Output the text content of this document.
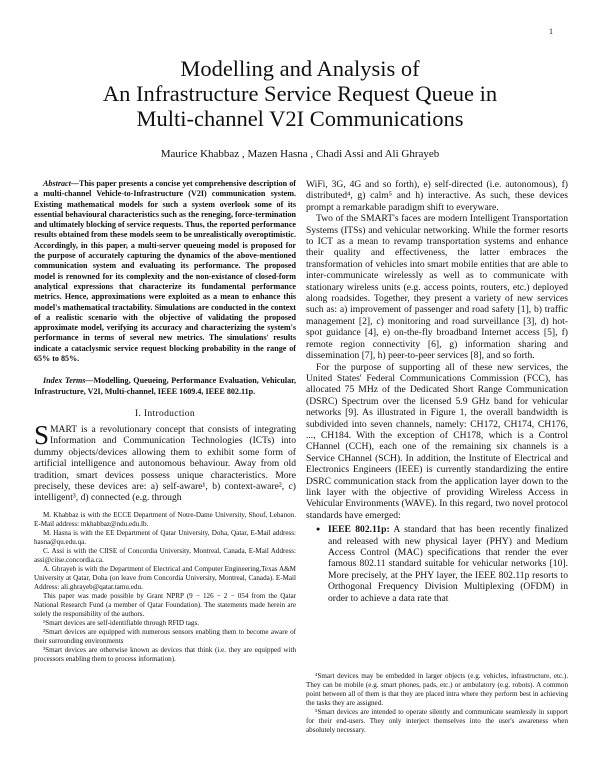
1
Modelling and Analysis of
An Infrastructure Service Request Queue in
Multi-channel V2I Communications
Maurice Khabbaz , Mazen Hasna , Chadi Assi and Ali Ghrayeb

Abstract—This paper presents a concise yet comprehensive description of a multi-channel Vehicle-to-Infrastructure (V2I) communication system. Existing mathematical models for such a system overlook some of its essential behavioural characteristics such as the reneging, force-termination and ultimately blocking of service requests. Thus, the reported performance results obtained from these models seem to be unrealistically overoptimistic. Accordingly, in this paper, a multi-server queueing model is proposed for the purpose of accurately capturing the dynamics of the above-mentioned communication system and evaluating its performance. The proposed model is renowned for its complexity and the non-existance of closed-form analytical expressions that characterize its fundamental performance metrics. Hence, approximations were exploited as a mean to enhance this model's mathematical tractability. Simulations are conducted in the context of a realistic scenario with the objective of validating the proposed approximate model, verifying its accuracy and characterizing the system's performance in terms of several new metrics. The simulations' results indicate a cataclysmic service request blocking probability in the range of 65% to 85%.

Index Terms—Modelling, Queueing, Performance Evaluation, Vehicular, Infrastructure, V2I, Multi-channel, IEEE 1609.4, IEEE 802.11p.

I. Introduction

SMART is a revolutionary concept that consists of integrating Information and Communication Technologies (ICTs) into dummy objects/devices allowing them to exhibit some form of artificial intelligence and autonomous behaviour. Away from old tradition, smart devices possess unique characteristics. More precisely, these devices are: a) self-aware¹, b) context-aware², c) intelligent³, d) connected (e.g. through

M. Khabbaz is with the ECCE Department of Notre-Dame University, Shouf, Lebanon. E-Mail address: mkhabbaz@ndu.edu.lb.

M. Hasna is with the EE Department of Qatar University, Doha, Qatar, E-Mail address: hasna@qu.edu.qa.

C. Assi is with the CIISE of Concordia University, Montreal, Canada, E-Mail Address: assi@ciise.concordia.ca.

A. Ghrayeb is with the Department of Electrical and Computer Engineering,Texas A&M University at Qatar, Doha (on leave from Concordia University, Montreal, Canada). E-Mail Address: ali.ghrayeb@qatar.tamu.edu.

This paper was made possible by Grant NPRP (9 − 126 − 2 − 054 from the Qatar National Research Fund (a member of Qatar Foundation). The statements made herein are solely the responsibility of the authors.

¹Smart devices are self-identifiable through RFID tags.

²Smart devices are equipped with numerous sensors enabling them to become aware of their surrounding environments

³Smart devices are otherwise known as devices that think (i.e. they are equipped with processors enabling them to process information).

WiFi, 3G, 4G and so forth), e) self-directed (i.e. autonomous), f) distributed⁴, g) calm⁵ and h) interactive. As such, these devices prompt a remarkable paradigm shift to everyware.

Two of the SMART's faces are modern Intelligent Transportation Systems (ITSs) and vehicular networking. While the former resorts to ICT as a mean to revamp transportation systems and enhance their quality and effectiveness, the latter embraces the transformation of vehicles into smart mobile entities that are able to inter-communicate wirelessly as well as to communicate with stationary wireless units (e.g. access points, routers, etc.) deployed along roadsides. Together, they present a variety of new services such as: a) improvement of passenger and road safety [1], b) traffic management [2], c) monitoring and road surveillance [3], d) hot-spot guidance [4], e) on-the-fly broadband Internet access [5], f) remote region connectivity [6], g) information sharing and dissemination [7], h) peer-to-peer services [8], and so forth.

For the purpose of supporting all of these new services, the United States' Federal Communications Commission (FCC), has allocated 75 MHz of the Dedicated Short Range Communication (DSRC) Spectrum over the licensed 5.9 GHz band for vehicular networks [9]. As illustrated in Figure 1, the overall bandwidth is subdivided into seven channels, namely: CH172, CH174, CH176, ..., CH184. With the exception of CH178, which is a Control CHannel (CCH), each one of the remaining six channels is a Service CHannel (SCH). In addition, the Institute of Electrical and Electronics Engineers (IEEE) is currently standardizing the entire DSRC communication stack from the application layer down to the link layer with the objective of providing Wireless Access in Vehicular Environments (WAVE). In this regard, two novel protocol standards have emerged:

● IEEE 802.11p: A standard that has been recently finalized and released with new physical layer (PHY) and Medium Access Control (MAC) specifications that render the ever famous 802.11 standard suitable for vehicular networks [10]. More precisely, at the PHY layer, the IEEE 802.11p resorts to Orthogonal Frequency Division Multiplexing (OFDM) in order to achieve a data rate that

⁴Smart devices may be embedded in larger objects (e.g. vehicles, infrastructure, etc.). They can be mobile (e.g. smart phones, pads, etc.) or ambulatory (e.g. robots). A common point between all of them is that they are placed intra where they perform best in achieving the tasks they are assigned.

⁵Smart devices are intended to operate silently and communicate seamlessly in support for their end-users. They only interject themselves into the user's awareness when absolutely necessary.
